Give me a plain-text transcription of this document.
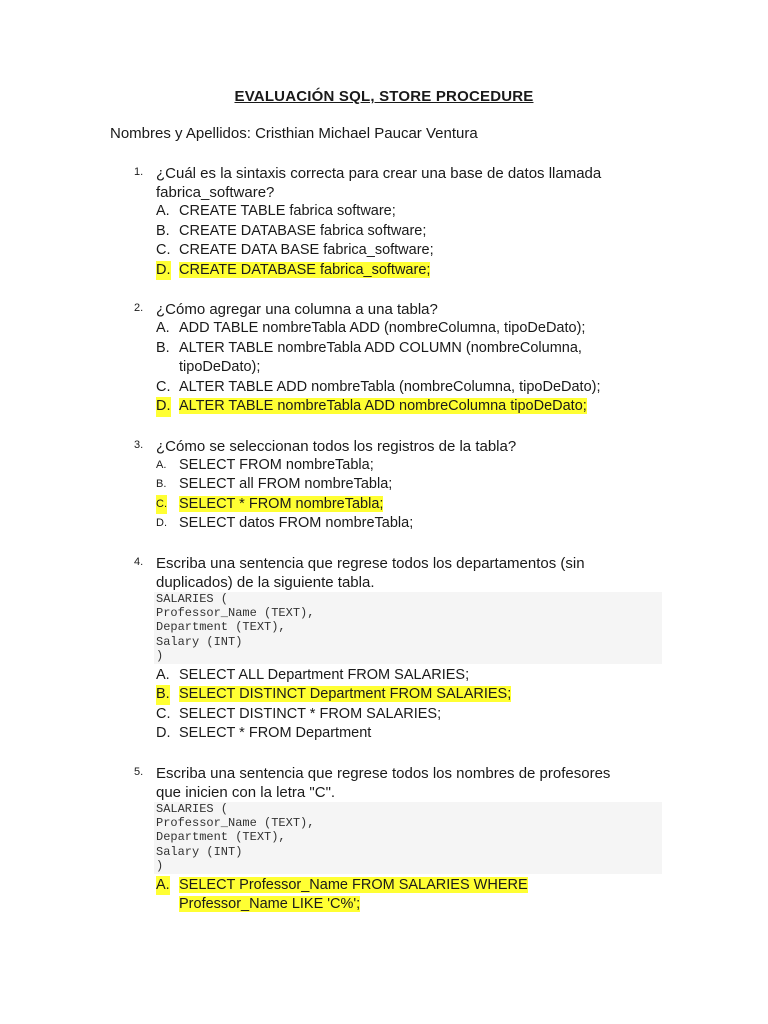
EVALUACIÓN SQL, STORE PROCEDURE
Nombres y Apellidos: Cristhian Michael Paucar Ventura
1. ¿Cuál es la sintaxis correcta para crear una base de datos llamada fabrica_software?
A. CREATE TABLE fabrica software;
B. CREATE DATABASE fabrica software;
C. CREATE DATA BASE fabrica_software;
D. CREATE DATABASE fabrica_software;
2. ¿Cómo agregar una columna a una tabla?
A. ADD TABLE nombreTabla ADD (nombreColumna, tipoDeDato);
B. ALTER TABLE nombreTabla ADD COLUMN (nombreColumna, tipoDeDato);
C. ALTER TABLE ADD nombreTabla (nombreColumna, tipoDeDato);
D. ALTER TABLE nombreTabla ADD nombreColumna tipoDeDato;
3. ¿Cómo se seleccionan todos los registros de la tabla?
A. SELECT FROM nombreTabla;
B. SELECT all FROM nombreTabla;
C. SELECT * FROM nombreTabla;
D. SELECT datos FROM nombreTabla;
4. Escriba una sentencia que regrese todos los departamentos (sin duplicados) de la siguiente tabla.
SALARIES (
Professor_Name (TEXT),
Department (TEXT),
Salary (INT)
)
A. SELECT ALL Department FROM SALARIES;
B. SELECT DISTINCT Department FROM SALARIES;
C. SELECT DISTINCT * FROM SALARIES;
D. SELECT * FROM Department
5. Escriba una sentencia que regrese todos los nombres de profesores que inicien con la letra "C".
SALARIES (
Professor_Name (TEXT),
Department (TEXT),
Salary (INT)
)
A. SELECT Professor_Name FROM SALARIES WHERE Professor_Name LIKE 'C%';
